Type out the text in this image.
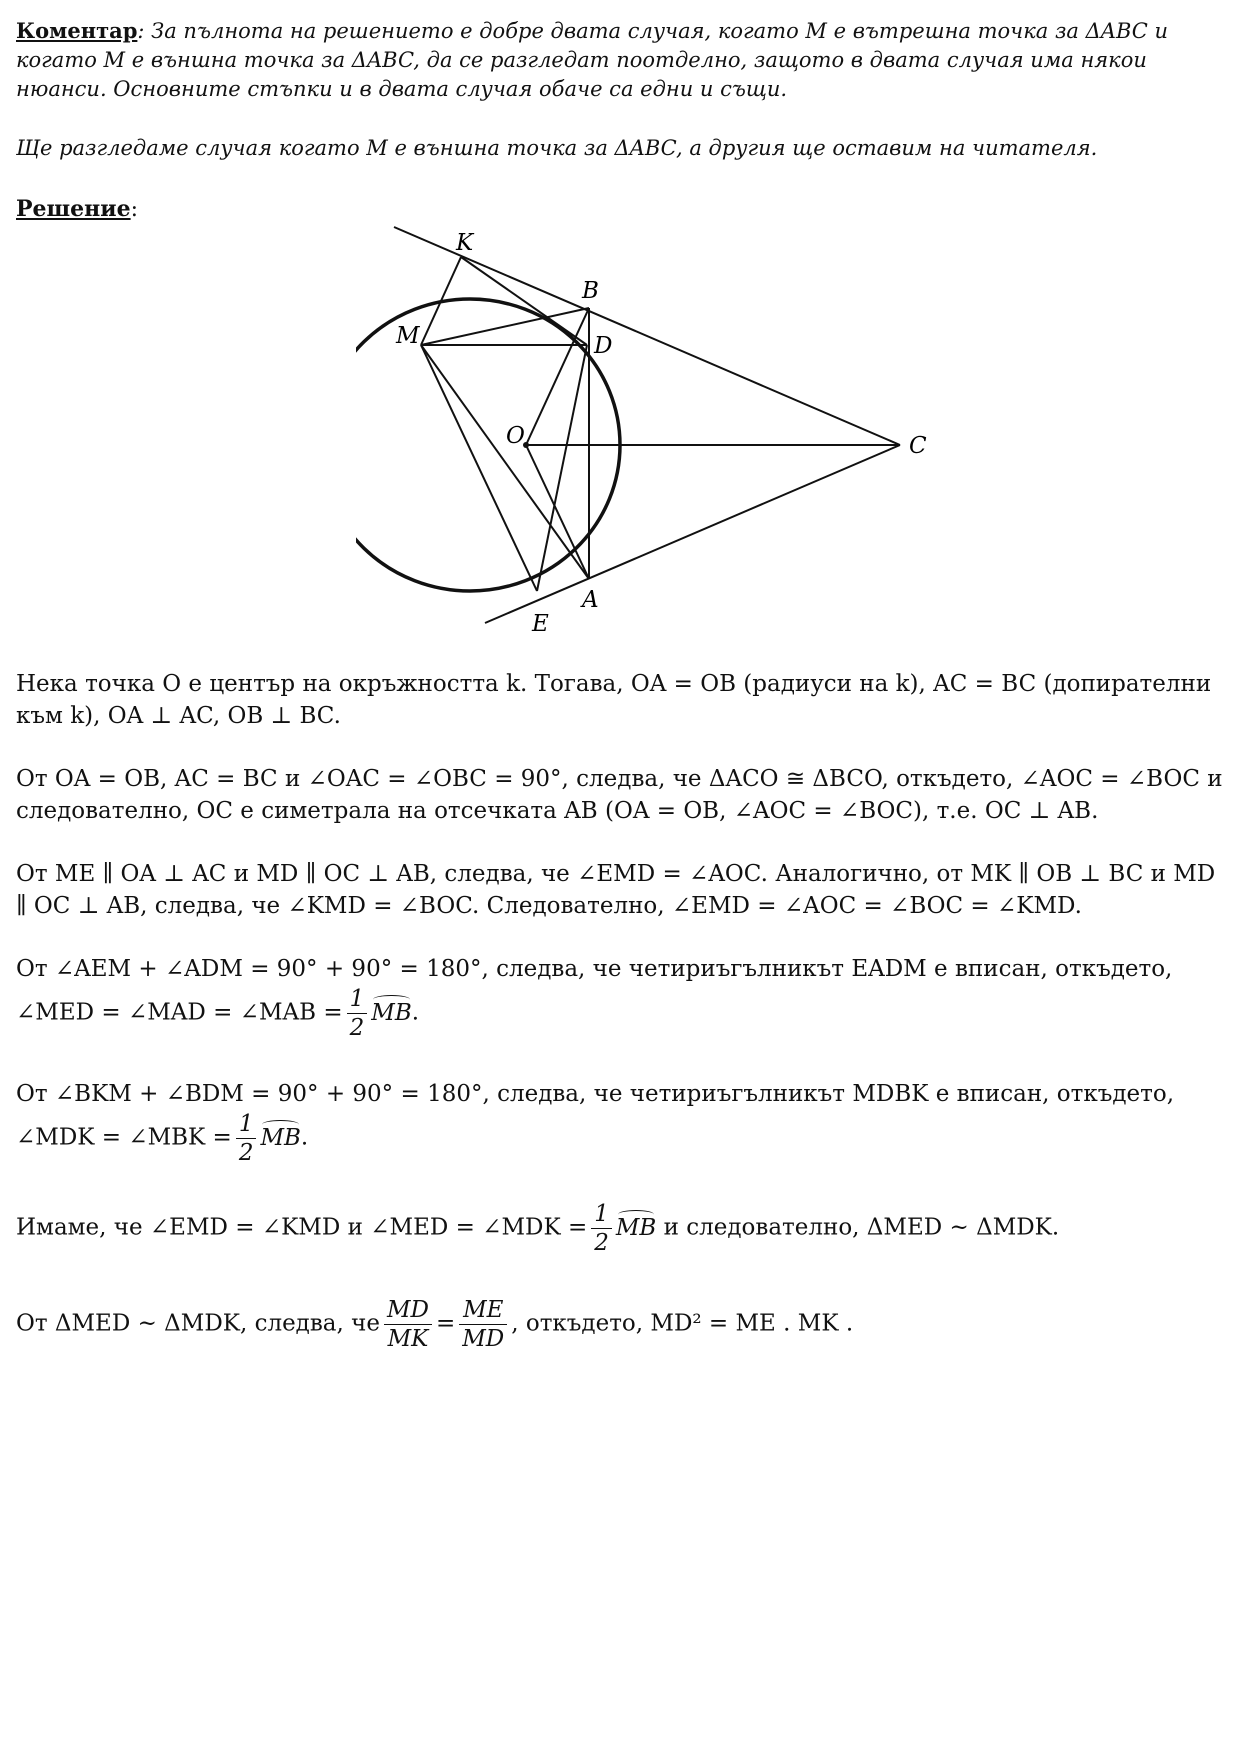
Коментар: За пълнота на решението е добре двата случая, когато M е вътрешна точка за ΔABC и когато M е външна точка за ΔABC, да се разгледат поотделно, защото в двата случая има някои нюанси. Основните стъпки и в двата случая обаче са едни и същи.
Ще разгледаме случая когато M е външна точка за ΔABC, а другия ще оставим на читателя.
Решение:
K
B
M	D
O	C
A
E
Нека точка O е център на окръжността k. Тогава, OA = OB (радиуси на k), AC = BC (допирателни към k), OA ⊥ AC, OB ⊥ BC.
От OA = OB, AC = BC и ∠OAC = ∠OBC = 90°, следва, че ΔACO ≅ ΔBCO, откъдето, ∠AOC = ∠BOC и следователно, OC е симетрала на отсечката AB (OA = OB, ∠AOC = ∠BOC), т.е. OC ⊥ AB.
От ME ∥ OA ⊥ AC и MD ∥ OC ⊥ AB, следва, че ∠EMD = ∠AOC. Аналогично, от MK ∥ OB ⊥ BC и MD ∥ OC ⊥ AB, следва, че ∠KMD = ∠BOC. Следователно, ∠EMD = ∠AOC = ∠BOC = ∠KMD.
От ∠AEM + ∠ADM = 90° + 90° = 180°, следва, че четириъгълникът EADM е вписан, откъдето,
∠MED = ∠MAD = ∠MAB = $\frac{1}{2}$ MB.
От ∠BKM + ∠BDM = 90° + 90° = 180°, следва, че четириъгълникът MDBK е вписан, откъдето,
∠MDK = ∠MBK = $\frac{1}{2}$ MB.
Имаме, че ∠EMD = ∠KMD и ∠MED = ∠MDK = $\frac{1}{2}$ MB и следователно, ΔMED ~ ΔMDK.
От ΔMED ~ ΔMDK, следва, че $\frac{MD}{MK} = \frac{ME}{MD}$ , откъдето, MD² = ME . MK .
